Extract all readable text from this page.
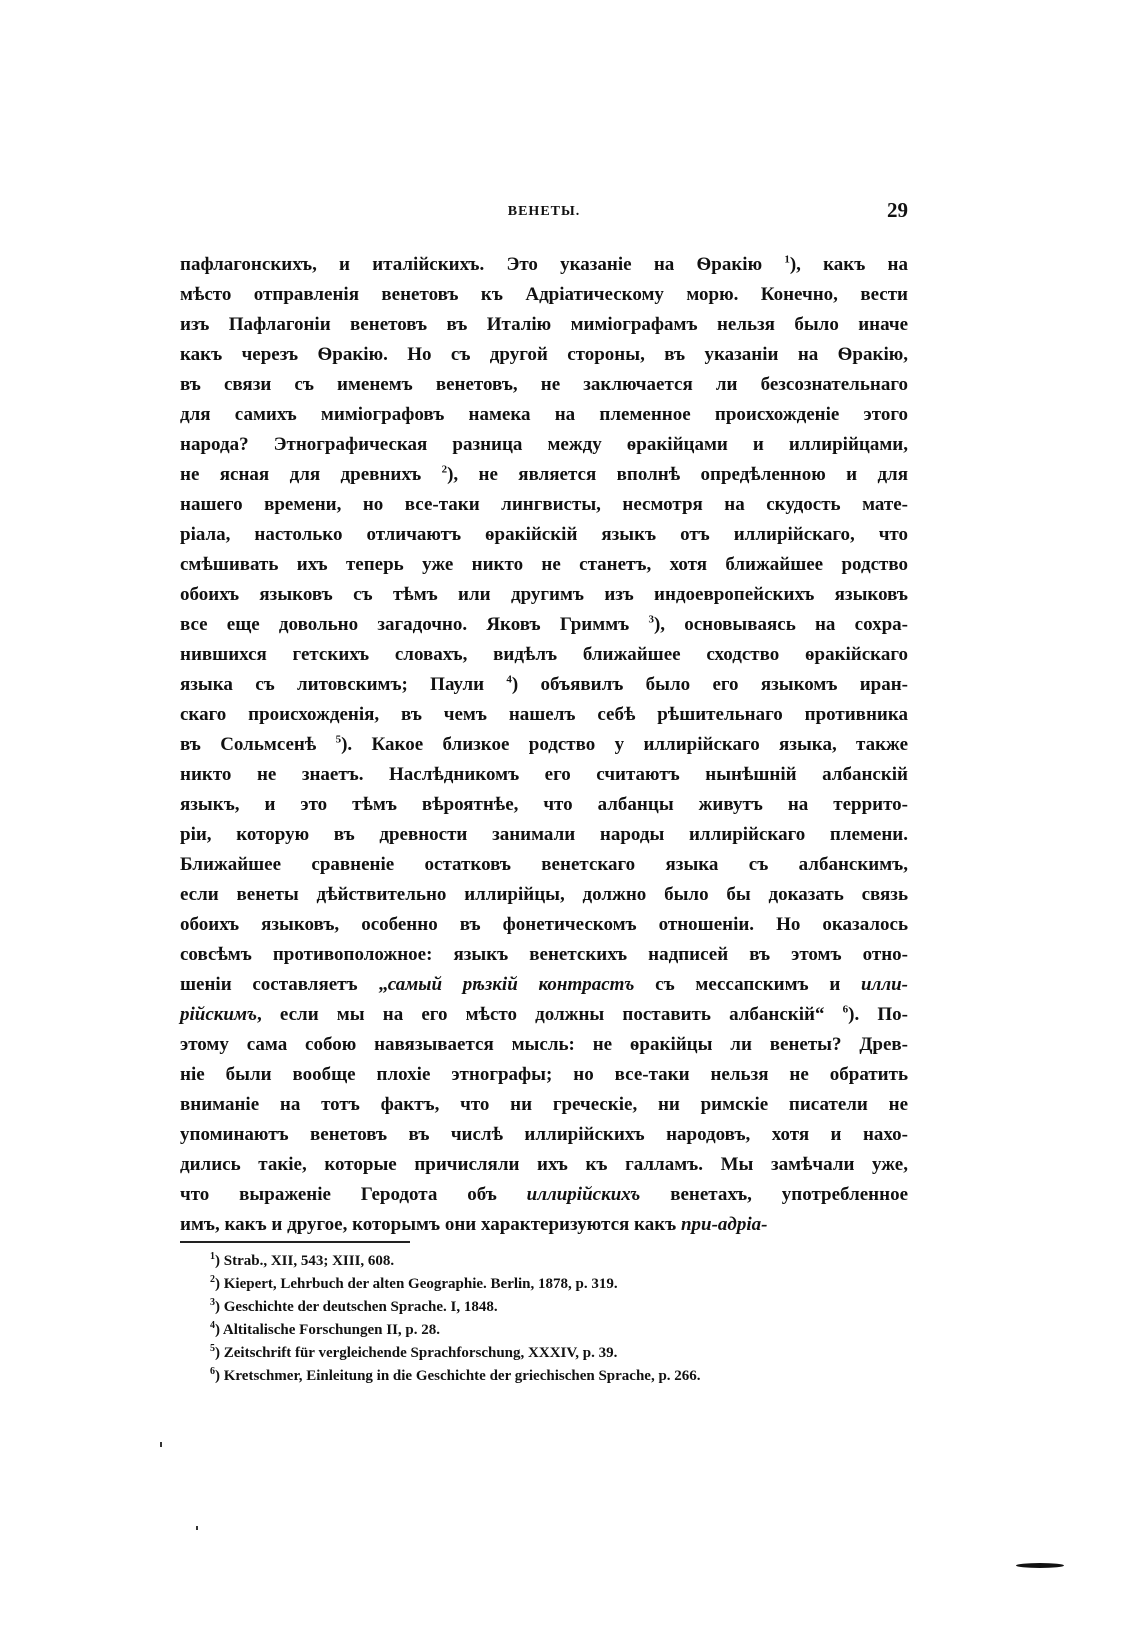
ВЕНЕТЫ.	29
пафлагонскихъ, и италійскихъ. Это указаніе на Ѳракію $^1$), какъ на
мѣсто отправленія венетовъ къ Адріатическому морю. Конечно, вести
изъ Пафлагоніи венетовъ въ Италію миміографамъ нельзя было иначе
какъ черезъ Ѳракію. Но съ другой стороны, въ указаніи на Ѳракію,
въ связи съ именемъ венетовъ, не заключается ли безсознательнаго
для самихъ миміографовъ намека на племенное происхожденіе этого
народа? Этнографическая разница между ѳракійцами и иллирійцами,
не ясная для древнихъ $^2$), не является вполнѣ опредѣленною и для
нашего времени, но все-таки лингвисты, несмотря на скудость мате-
ріала, настолько отличаютъ ѳракійскій языкъ отъ иллирійскаго, что
смѣшивать ихъ теперь уже никто не станетъ, хотя ближайшее родство
обоихъ языковъ съ тѣмъ или другимъ изъ индоевропейскихъ языковъ
все еще довольно загадочно. Яковъ Гриммъ $^3$), основываясь на сохра-
нившихся гетскихъ словахъ, видѣлъ ближайшее сходство ѳракійскаго
языка съ литовскимъ; Паули $^4$) объявилъ было его языкомъ иран-
скаго происхожденія, въ чемъ нашелъ себѣ рѣшительнаго противника
въ Сольмсенѣ $^5$). Какое близкое родство у иллирійскаго языка, также
никто не знаетъ. Наслѣдникомъ его считаютъ нынѣшній албанскій
языкъ, и это тѣмъ вѣроятнѣе, что албанцы живутъ на террито-
ріи, которую въ древности занимали народы иллирійскаго племени.
Ближайшее сравненіе остатковъ венетскаго языка съ албанскимъ,
если венеты дѣйствительно иллирійцы, должно было бы доказать связь
обоихъ языковъ, особенно въ фонетическомъ отношеніи. Но оказалось
совсѣмъ противоположное: языкъ венетскихъ надписей въ этомъ отно-
шеніи составляетъ „самый рѣзкій контрастъ съ мессапскимъ и илли-
рійскимъ, если мы на его мѣсто должны поставить албанскій“ $^6$). По-
этому сама собою навязывается мысль: не ѳракійцы ли венеты? Древ-
ніе были вообще плохіе этнографы; но все-таки нельзя не обратить
вниманіе на тотъ фактъ, что ни греческіе, ни римскіе писатели не
упоминаютъ венетовъ въ числѣ иллирійскихъ народовъ, хотя и нахо-
дились такіе, которые причисляли ихъ къ галламъ. Мы замѣчали уже,
что выраженіе Геродота объ иллирійскихъ венетахъ, употребленное
имъ, какъ и другое, которымъ они характеризуются какъ при-адріа-
$^1$) Strab., XII, 543; XIII, 608.
$^2$) Kiepert, Lehrbuch der alten Geographie. Berlin, 1878, p. 319.
$^3$) Geschichte der deutschen Sprache. I, 1848.
$^4$) Altitalische Forschungen II, p. 28.
$^5$) Zeitschrift für vergleichende Sprachforschung, XXXIV, p. 39.
$^6$) Kretschmer, Einleitung in die Geschichte der griechischen Sprache, p. 266.
